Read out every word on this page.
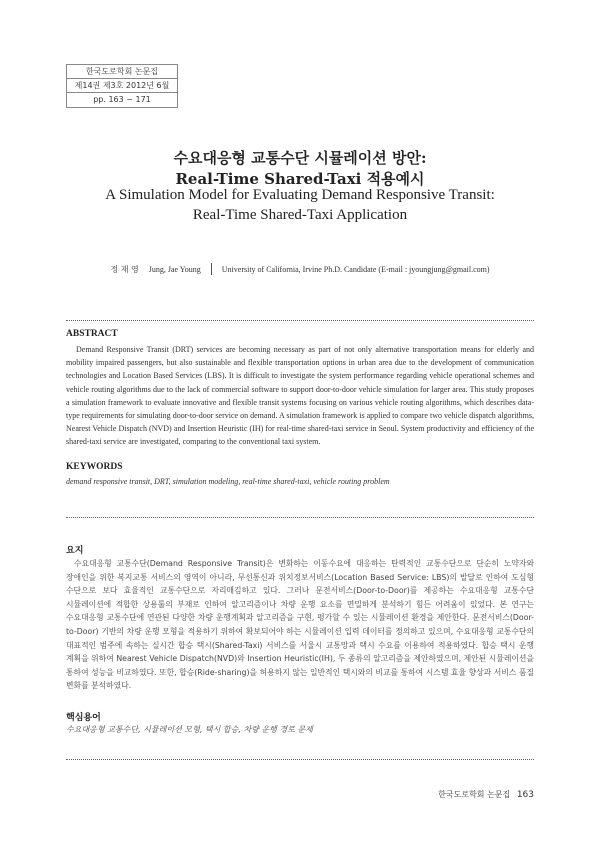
한국도로학회 논문집
제14권 제3호 2012년 6월
pp. 163 ~ 171
수요대응형 교통수단 시뮬레이션 방안:
Real-Time Shared-Taxi 적용예시
A Simulation Model for Evaluating Demand Responsive Transit:
Real-Time Shared-Taxi Application
정 재 영 Jung, Jae Young	University of California, Irvine Ph.D. Candidate (E-mail : jyoungjung@gmail.com)
ABSTRACT
Demand Responsive Transit (DRT) services are becoming necessary as part of not only alternative transportation means for elderly and mobility impaired passengers, but also sustainable and flexible transportation options in urban area due to the development of communication technologies and Location Based Services (LBS). It is difficult to investigate the system performance regarding vehicle operational schemes and vehicle routing algorithms due to the lack of commercial software to support door-to-door vehicle simulation for larger area. This study proposes a simulation framework to evaluate innovative and flexible transit systems focusing on various vehicle routing algorithms, which describes data-type requirements for simulating door-to-door service on demand. A simulation framework is applied to compare two vehicle dispatch algorithms, Nearest Vehicle Dispatch (NVD) and Insertion Heuristic (IH) for real-time shared-taxi service in Seoul. System productivity and efficiency of the shared-taxi service are investigated, comparing to the conventional taxi system.
KEYWORDS
demand responsive transit, DRT, simulation modeling, real-time shared-taxi, vehicle routing problem
요지
수요대응형 교통수단(Demand Responsive Transit)은 변화하는 이동수요에 대응하는 탄력적인 교통수단으로 단순히 노약자와 장애인을 위한 복지교통 서비스의 영역이 아니라, 무선통신과 위치정보서비스(Location Based Service: LBS)의 발달로 인하여 도심형 수단으로 보다 효율적인 교통수단으로 자리매김하고 있다. 그러나 문전서비스(Door-to-Door)를 제공하는 수요대응형 교통수단 시뮬레이션에 적합한 상용툴의 부재로 인하여 알고리즘이나 차량 운행 요소를 면밀하게 분석하기 힘든 어려움이 있었다. 본 연구는 수요대응형 교통수단에 연관된 다양한 차량 운행계획과 알고리즘을 구현, 평가할 수 있는 시뮬레이션 환경을 제안한다. 문전서비스(Door-to-Door) 기반의 차량 운행 모형을 적용하기 위하여 확보되어야 하는 시뮬레이션 입력 데이터를 정의하고 있으며, 수요대응형 교통수단의 대표적인 범주에 속하는 실시간 합승 택시(Shared-Taxi) 서비스를 서울시 교통망과 택시 수요를 이용하여 적용하였다. 합승 택시 운행 계획을 위하여 Nearest Vehicle Dispatch(NVD)와 Insertion Heuristic(IH), 두 종류의 알고리즘을 제안하였으며, 제안된 시뮬레이션을 통하여 성능을 비교하였다. 또한, 합승(Ride-sharing)을 허용하지 않는 일반적인 택시와의 비교를 통하여 시스템 효율 향상과 서비스 품질 변화를 분석하였다.
핵심용어
수요대응형 교통수단, 시뮬레이션 모형, 택시 합승, 차량 운행 경로 문제
한국도로학회 논문집 163
